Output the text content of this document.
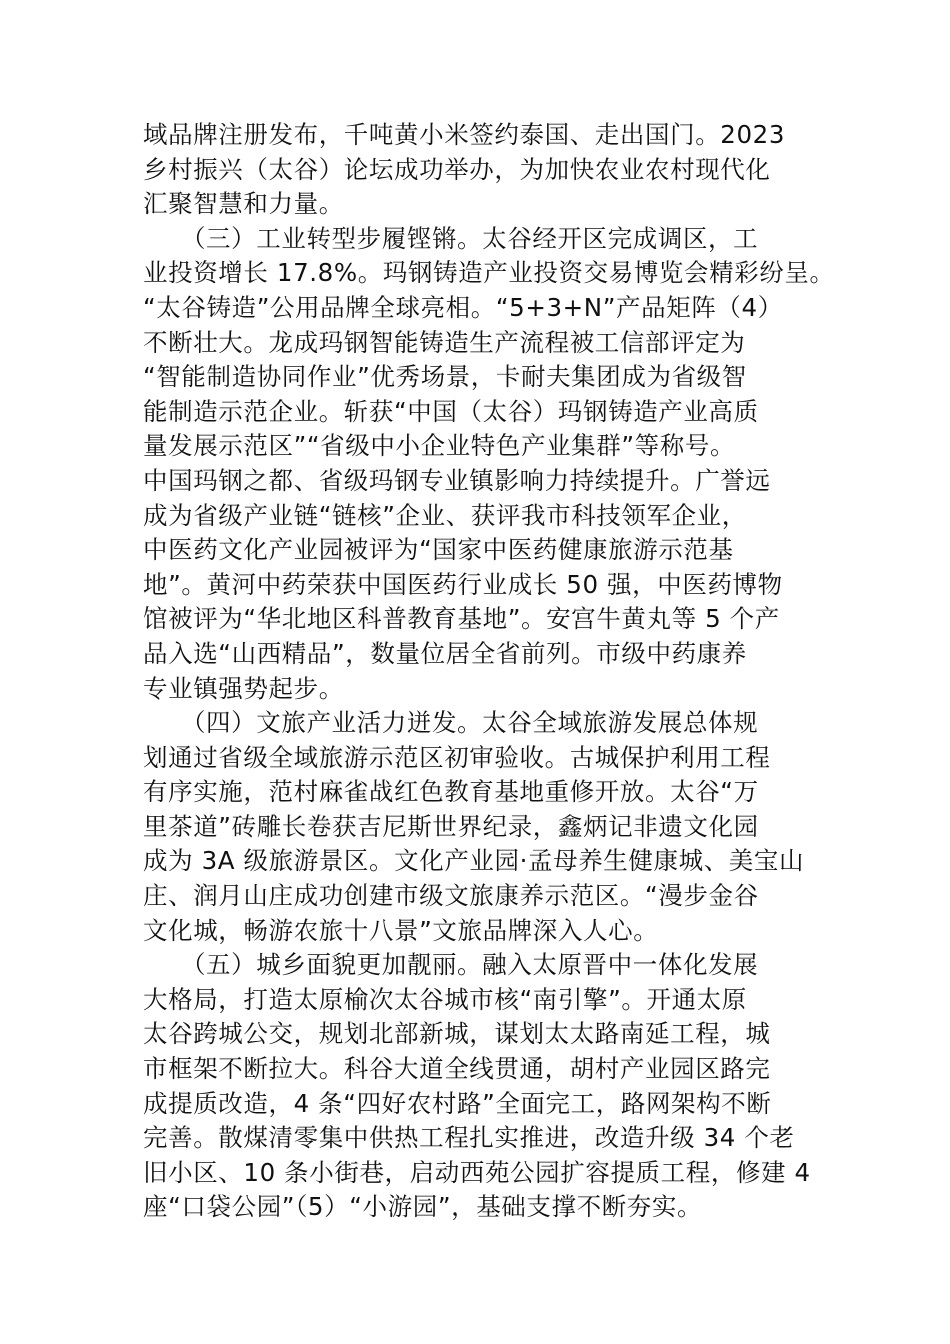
域品牌注册发布，千吨黄小米签约泰国、走出国门。2023
乡村振兴（太谷）论坛成功举办，为加快农业农村现代化
汇聚智慧和力量。
　　（三）工业转型步履铿锵。太谷经开区完成调区，工
业投资增长 17.8%。玛钢铸造产业投资交易博览会精彩纷呈。
“太谷铸造”公用品牌全球亮相。“5+3+N”产品矩阵（4）
不断壮大。龙成玛钢智能铸造生产流程被工信部评定为
“智能制造协同作业”优秀场景，卡耐夫集团成为省级智
能制造示范企业。斩获“中国（太谷）玛钢铸造产业高质
量发展示范区”“省级中小企业特色产业集群”等称号。
中国玛钢之都、省级玛钢专业镇影响力持续提升。广誉远
成为省级产业链“链核”企业、获评我市科技领军企业，
中医药文化产业园被评为“国家中医药健康旅游示范基
地”。黄河中药荣获中国医药行业成长 50 强，中医药博物
馆被评为“华北地区科普教育基地”。安宫牛黄丸等 5 个产
品入选“山西精品”，数量位居全省前列。市级中药康养
专业镇强势起步。
　　（四）文旅产业活力迸发。太谷全域旅游发展总体规
划通过省级全域旅游示范区初审验收。古城保护利用工程
有序实施，范村麻雀战红色教育基地重修开放。太谷“万
里茶道”砖雕长卷获吉尼斯世界纪录，鑫炳记非遗文化园
成为 3A 级旅游景区。文化产业园·孟母养生健康城、美宝山
庄、润月山庄成功创建市级文旅康养示范区。“漫步金谷
文化城，畅游农旅十八景”文旅品牌深入人心。
　　（五）城乡面貌更加靓丽。融入太原晋中一体化发展
大格局，打造太原榆次太谷城市核“南引擎”。开通太原
太谷跨城公交，规划北部新城，谋划太太路南延工程，城
市框架不断拉大。科谷大道全线贯通，胡村产业园区路完
成提质改造，4 条“四好农村路”全面完工，路网架构不断
完善。散煤清零集中供热工程扎实推进，改造升级 34 个老
旧小区、10 条小街巷，启动西苑公园扩容提质工程，修建 4
座“口袋公园”（5）“小游园”，基础支撑不断夯实。
